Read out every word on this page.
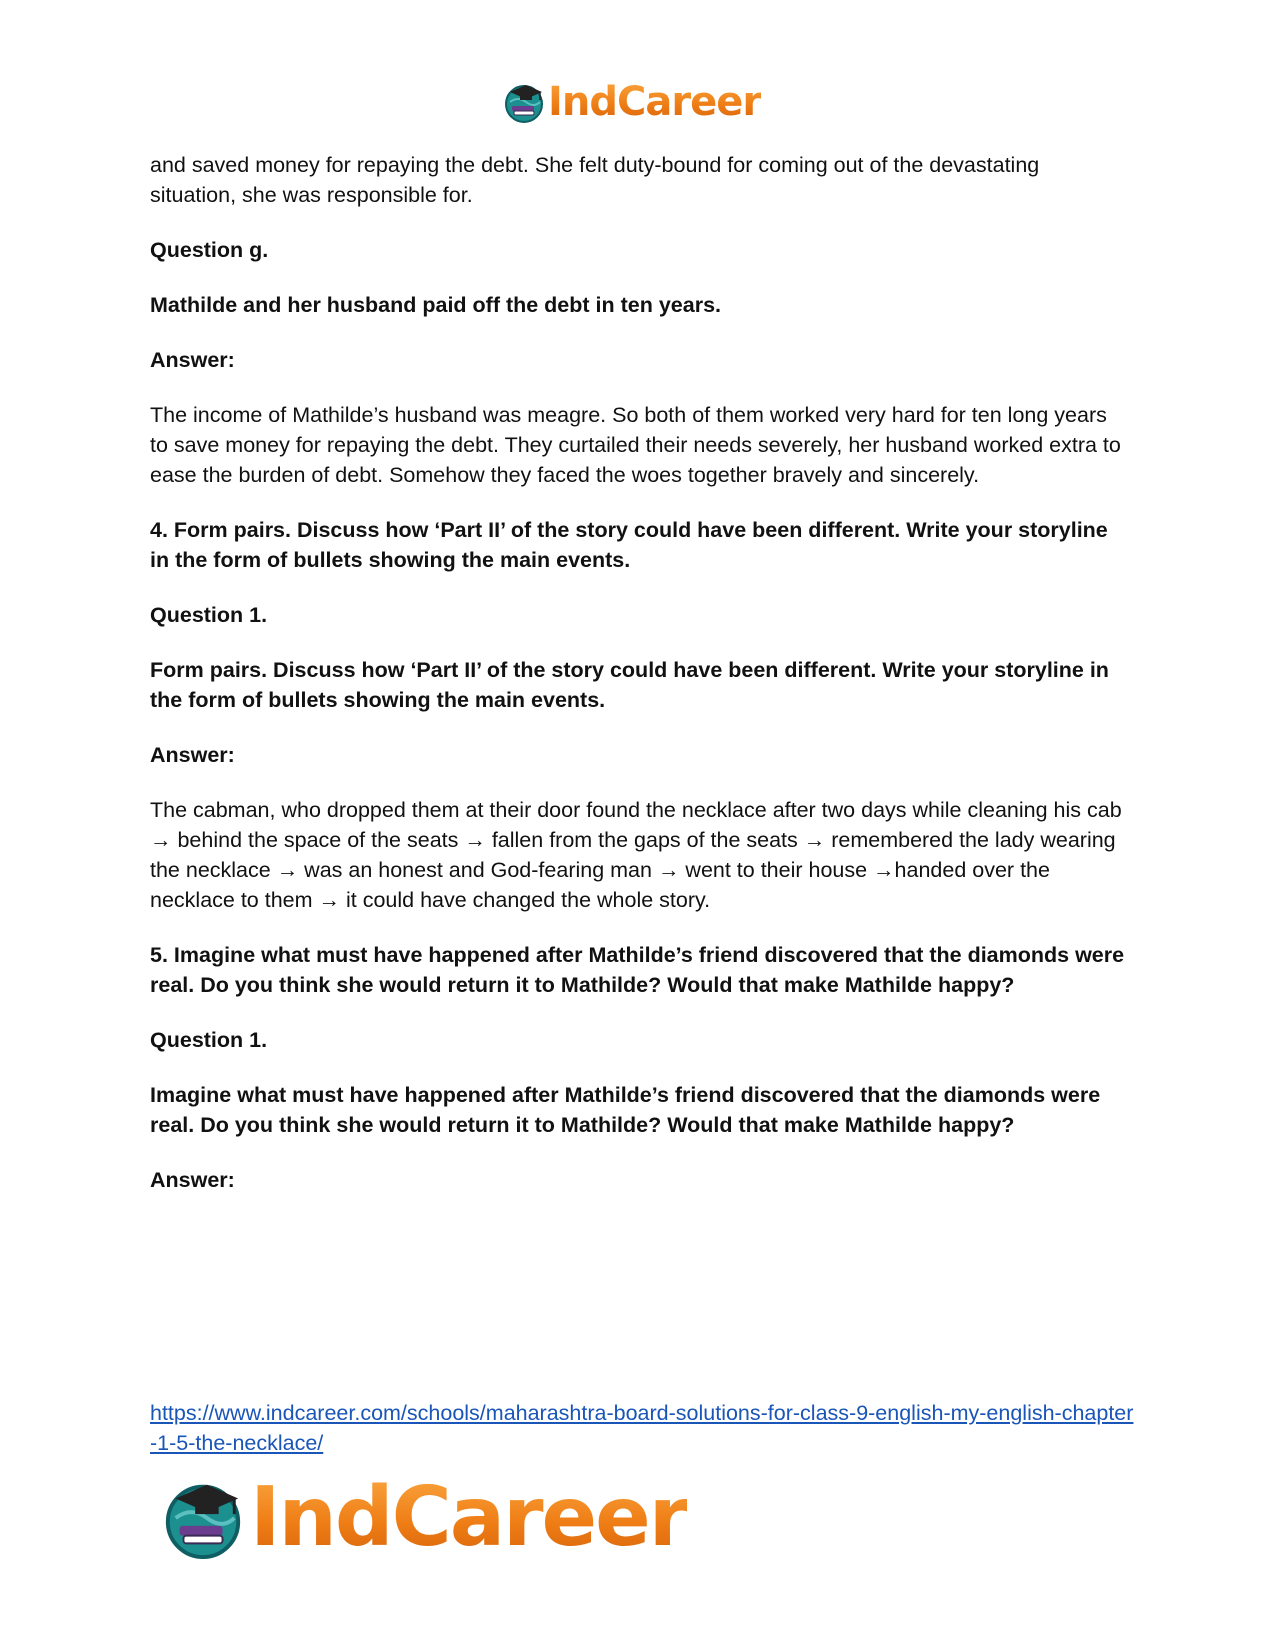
IndCareer

and saved money for repaying the debt. She felt duty-bound for coming out of the devastating situation, she was responsible for.

Question g.

Mathilde and her husband paid off the debt in ten years.

Answer:

The income of Mathilde’s husband was meagre. So both of them worked very hard for ten long years to save money for repaying the debt. They curtailed their needs severely, her husband worked extra to ease the burden of debt. Somehow they faced the woes together bravely and sincerely.

4. Form pairs. Discuss how ‘Part II’ of the story could have been different. Write your storyline in the form of bullets showing the main events.

Question 1.

Form pairs. Discuss how ‘Part II’ of the story could have been different. Write your storyline in the form of bullets showing the main events.

Answer:

The cabman, who dropped them at their door found the necklace after two days while cleaning his cab → behind the space of the seats → fallen from the gaps of the seats → remembered the lady wearing the necklace → was an honest and God-fearing man → went to their house →handed over the necklace to them → it could have changed the whole story.

5. Imagine what must have happened after Mathilde’s friend discovered that the diamonds were real. Do you think she would return it to Mathilde? Would that make Mathilde happy?

Question 1.

Imagine what must have happened after Mathilde’s friend discovered that the diamonds were real. Do you think she would return it to Mathilde? Would that make Mathilde happy?

Answer:

https://www.indcareer.com/schools/maharashtra-board-solutions-for-class-9-english-my-english-chapter-1-5-the-necklace/
IndCareer
